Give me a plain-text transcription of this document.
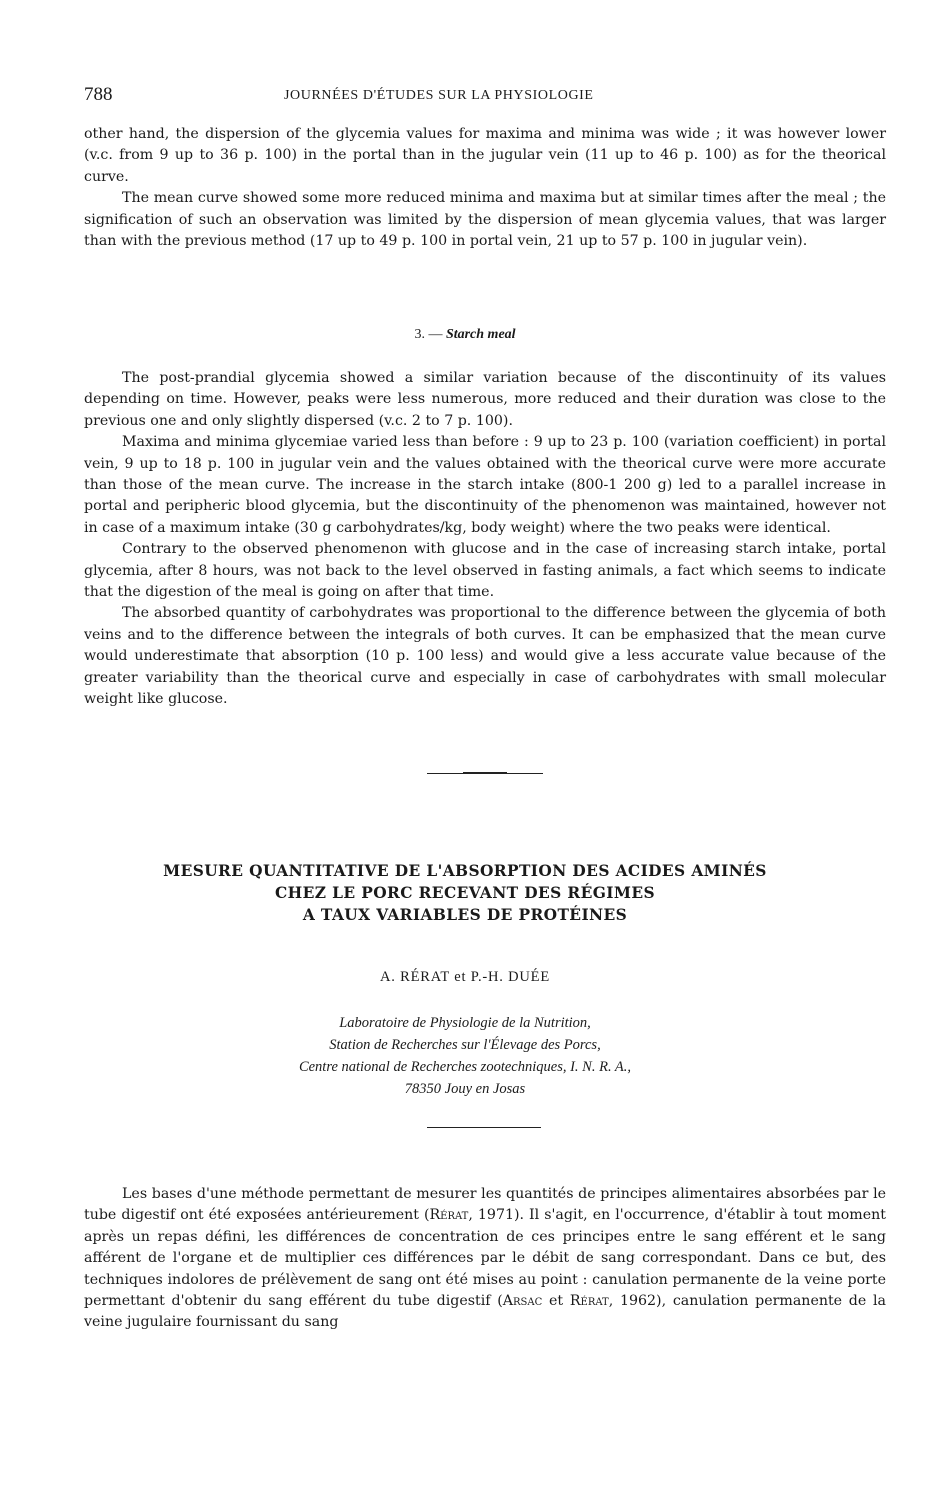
788	JOURNÉES D'ÉTUDES SUR LA PHYSIOLOGIE

other hand, the dispersion of the glycemia values for maxima and minima was wide ; it was however lower (v.c. from 9 up to 36 p. 100) in the portal than in the jugular vein (11 up to 46 p. 100) as for the theorical curve.

The mean curve showed some more reduced minima and maxima but at similar times after the meal ; the signification of such an observation was limited by the dispersion of mean glycemia values, that was larger than with the previous method (17 up to 49 p. 100 in portal vein, 21 up to 57 p. 100 in jugular vein).

3. — Starch meal

The post-prandial glycemia showed a similar variation because of the discontinuity of its values depending on time. However, peaks were less numerous, more reduced and their duration was close to the previous one and only slightly dispersed (v.c. 2 to 7 p. 100).

Maxima and minima glycemiae varied less than before : 9 up to 23 p. 100 (variation coefficient) in portal vein, 9 up to 18 p. 100 in jugular vein and the values obtained with the theorical curve were more accurate than those of the mean curve. The increase in the starch intake (800-1 200 g) led to a parallel increase in portal and peripheric blood glycemia, but the discontinuity of the phenomenon was maintained, however not in case of a maximum intake (30 g carbohydrates/kg, body weight) where the two peaks were identical.

Contrary to the observed phenomenon with glucose and in the case of increasing starch intake, portal glycemia, after 8 hours, was not back to the level observed in fasting animals, a fact which seems to indicate that the digestion of the meal is going on after that time.

The absorbed quantity of carbohydrates was proportional to the difference between the glycemia of both veins and to the difference between the integrals of both curves. It can be emphasized that the mean curve would underestimate that absorption (10 p. 100 less) and would give a less accurate value because of the greater variability than the theorical curve and especially in case of carbohydrates with small molecular weight like glucose.

MESURE QUANTITATIVE DE L'ABSORPTION DES ACIDES AMINÉS
CHEZ LE PORC RECEVANT DES RÉGIMES
A TAUX VARIABLES DE PROTÉINES
A. RÉRAT et P.-H. DUÉE
Laboratoire de Physiologie de la Nutrition,
Station de Recherches sur l'Élevage des Porcs,
Centre national de Recherches zootechniques, I. N. R. A.,
78350 Jouy en Josas

Les bases d'une méthode permettant de mesurer les quantités de principes alimentaires absorbées par le tube digestif ont été exposées antérieurement (Rérat, 1971). Il s'agit, en l'occurrence, d'établir à tout moment après un repas défini, les différences de concentration de ces principes entre le sang efférent et le sang afférent de l'organe et de multiplier ces différences par le débit de sang correspondant. Dans ce but, des techniques indolores de prélèvement de sang ont été mises au point : canulation permanente de la veine porte permettant d'obtenir du sang efférent du tube digestif (Arsac et Rérat, 1962), canulation permanente de la veine jugulaire fournissant du sang
